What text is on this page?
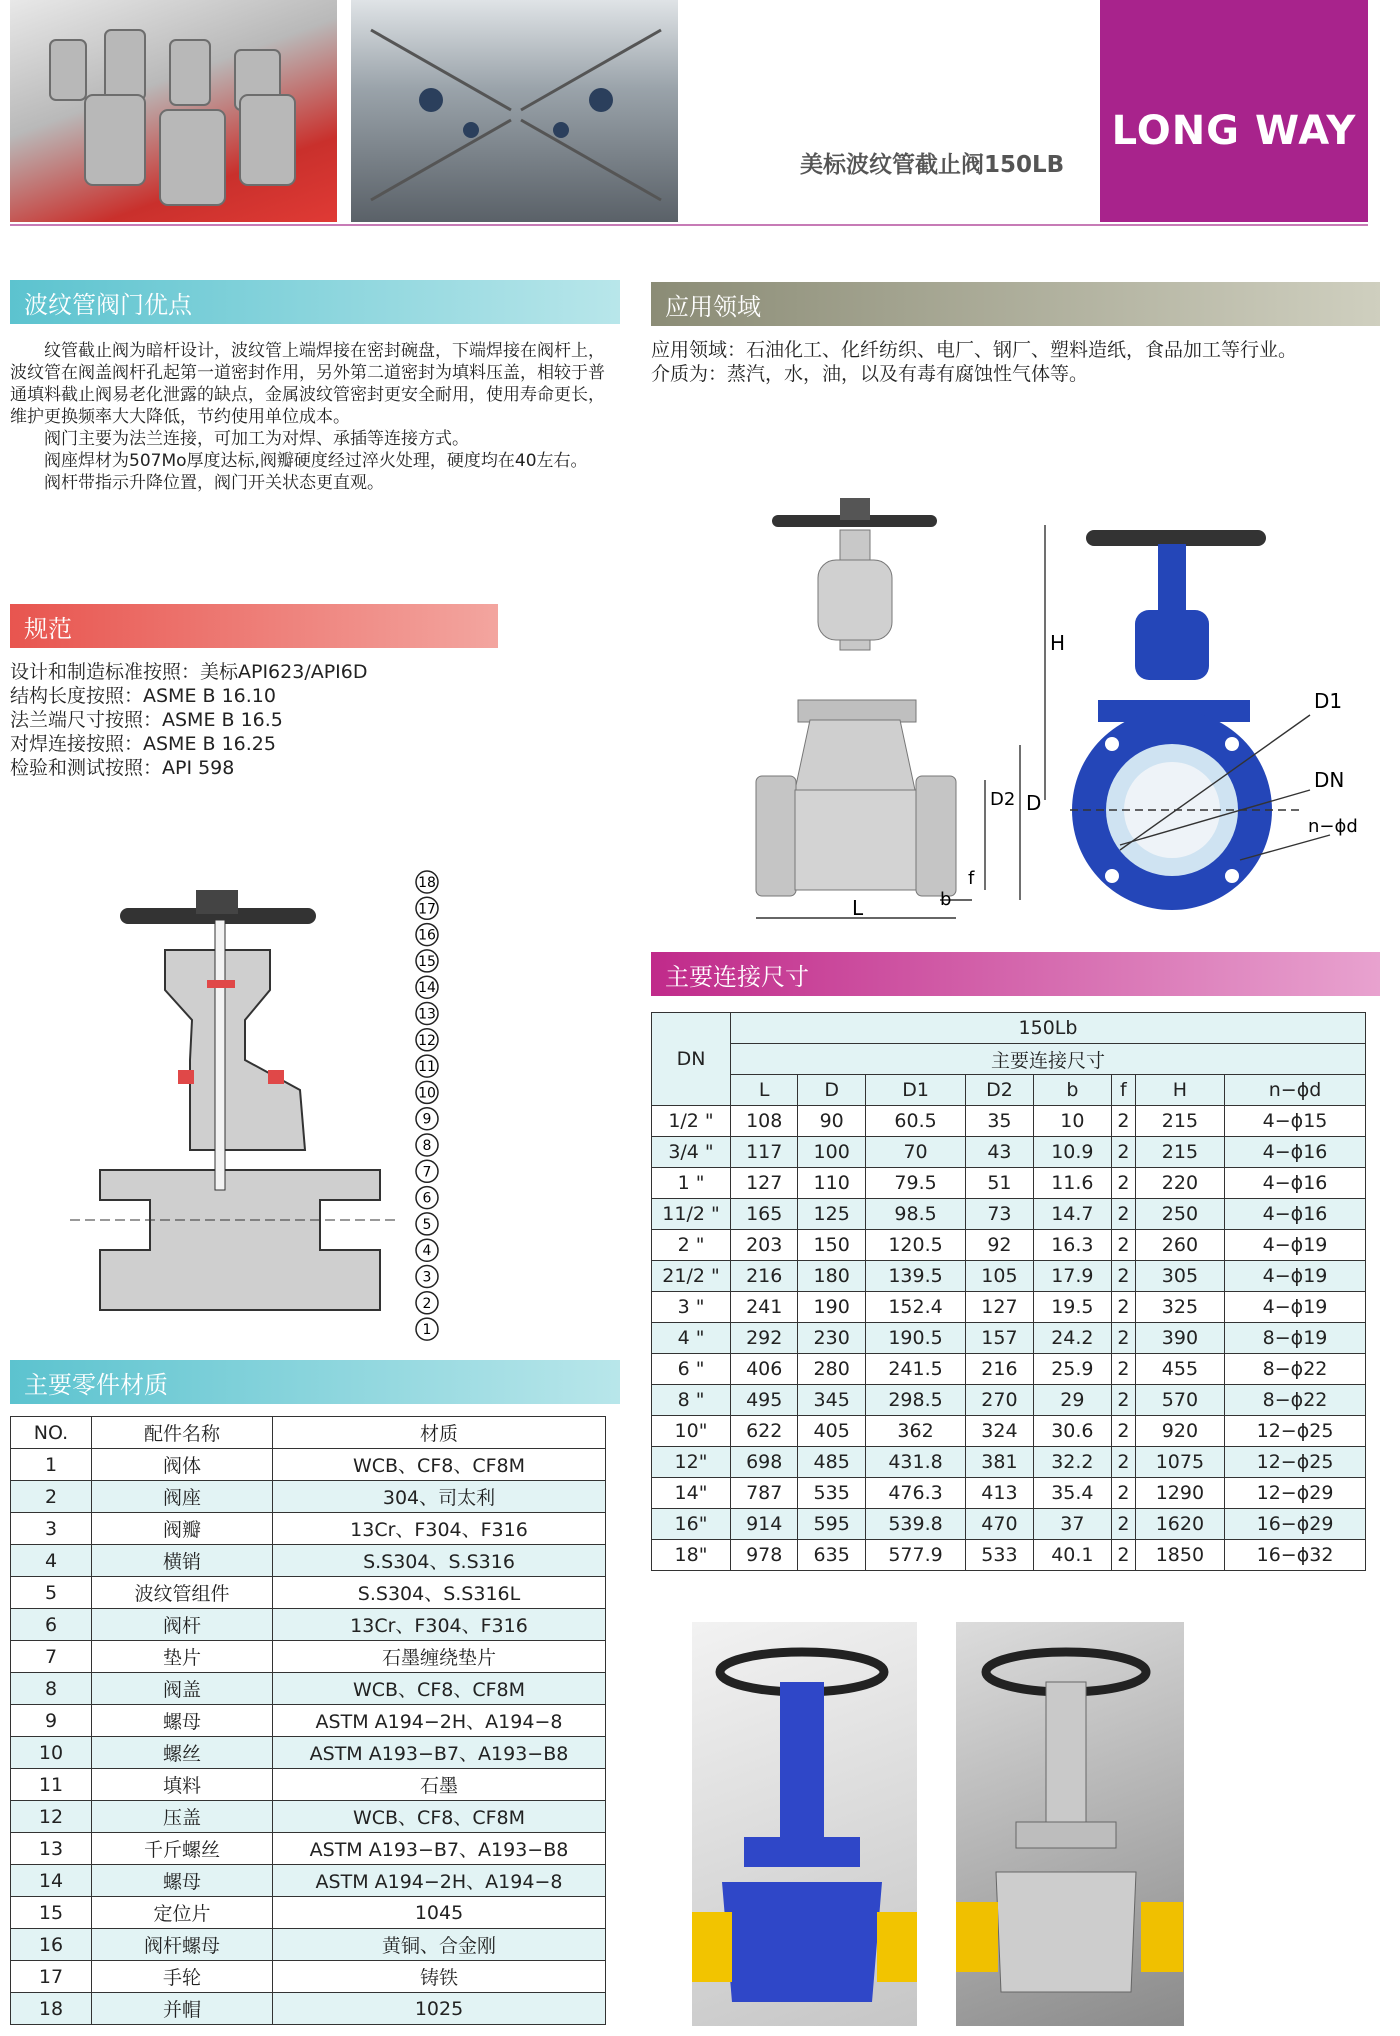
美标波纹管截止阀150LB
LONG WAY
波纹管阀门优点

纹管截止阀为暗杆设计，波纹管上端焊接在密封碗盘，下端焊接在阀杆上，波纹管在阀盖阀杆孔起第一道密封作用，另外第二道密封为填料压盖，相较于普通填料截止阀易老化泄露的缺点，金属波纹管密封更安全耐用，使用寿命更长，维护更换频率大大降低，节约使用单位成本。

阀门主要为法兰连接，可加工为对焊、承插等连接方式。

阀座焊材为507Mo厚度达标,阀瓣硬度经过淬火处理，硬度均在40左右。

阀杆带指示升降位置，阀门开关状态更直观。

规范
设计和制造标准按照：美标API623/API6D
结构长度按照：ASME B 16.10
法兰端尺寸按照：ASME B 16.5
对焊连接按照：ASME B 16.25
检验和测试按照：API 598
应用领域
应用领域：石油化工、化纤纺织、电厂、钢厂、塑料造纸，食品加工等行业。
介质为：蒸汽，水，油，以及有毒有腐蚀性气体等。
18
17
16
15
14
13
12
11
10
9
8
7
6
5
4
3
2
1
H
D
D2
L	b
f
D1
DN
n−ϕd
主要零件材质
NO.	配件名称	材质
1	阀体	WCB、CF8、CF8M
2	阀座	304、司太利
3	阀瓣	13Cr、F304、F316
4	横销	S.S304、S.S316
5	波纹管组件	S.S304、S.S316L
6	阀杆	13Cr、F304、F316
7	垫片	石墨缠绕垫片
8	阀盖	WCB、CF8、CF8M
9	螺母	ASTM A194−2H、A194−8
10	螺丝	ASTM A193−B7、A193−B8
11	填料	石墨
12	压盖	WCB、CF8、CF8M
13	千斤螺丝	ASTM A193−B7、A193−B8
14	螺母	ASTM A194−2H、A194−8
15	定位片	1045
16	阀杆螺母	黄铜、合金刚
17	手轮	铸铁
18	并帽	1025
主要连接尺寸
DN	150Lb							
	主要连接尺寸							
	L	D	D1	D2	b	f	H	n−ϕd
1/2 "	108	90	60.5	35	10	2	215	4−ϕ15
3/4 "	117	100	70	43	10.9	2	215	4−ϕ16
1 "	127	110	79.5	51	11.6	2	220	4−ϕ16
11/2 "	165	125	98.5	73	14.7	2	250	4−ϕ16
2 "	203	150	120.5	92	16.3	2	260	4−ϕ19
21/2 "	216	180	139.5	105	17.9	2	305	4−ϕ19
3 "	241	190	152.4	127	19.5	2	325	4−ϕ19
4 "	292	230	190.5	157	24.2	2	390	8−ϕ19
6 "	406	280	241.5	216	25.9	2	455	8−ϕ22
8 "	495	345	298.5	270	29	2	570	8−ϕ22
10"	622	405	362	324	30.6	2	920	12−ϕ25
12"	698	485	431.8	381	32.2	2	1075	12−ϕ25
14"	787	535	476.3	413	35.4	2	1290	12−ϕ29
16"	914	595	539.8	470	37	2	1620	16−ϕ29
18"	978	635	577.9	533	40.1	2	1850	16−ϕ32
